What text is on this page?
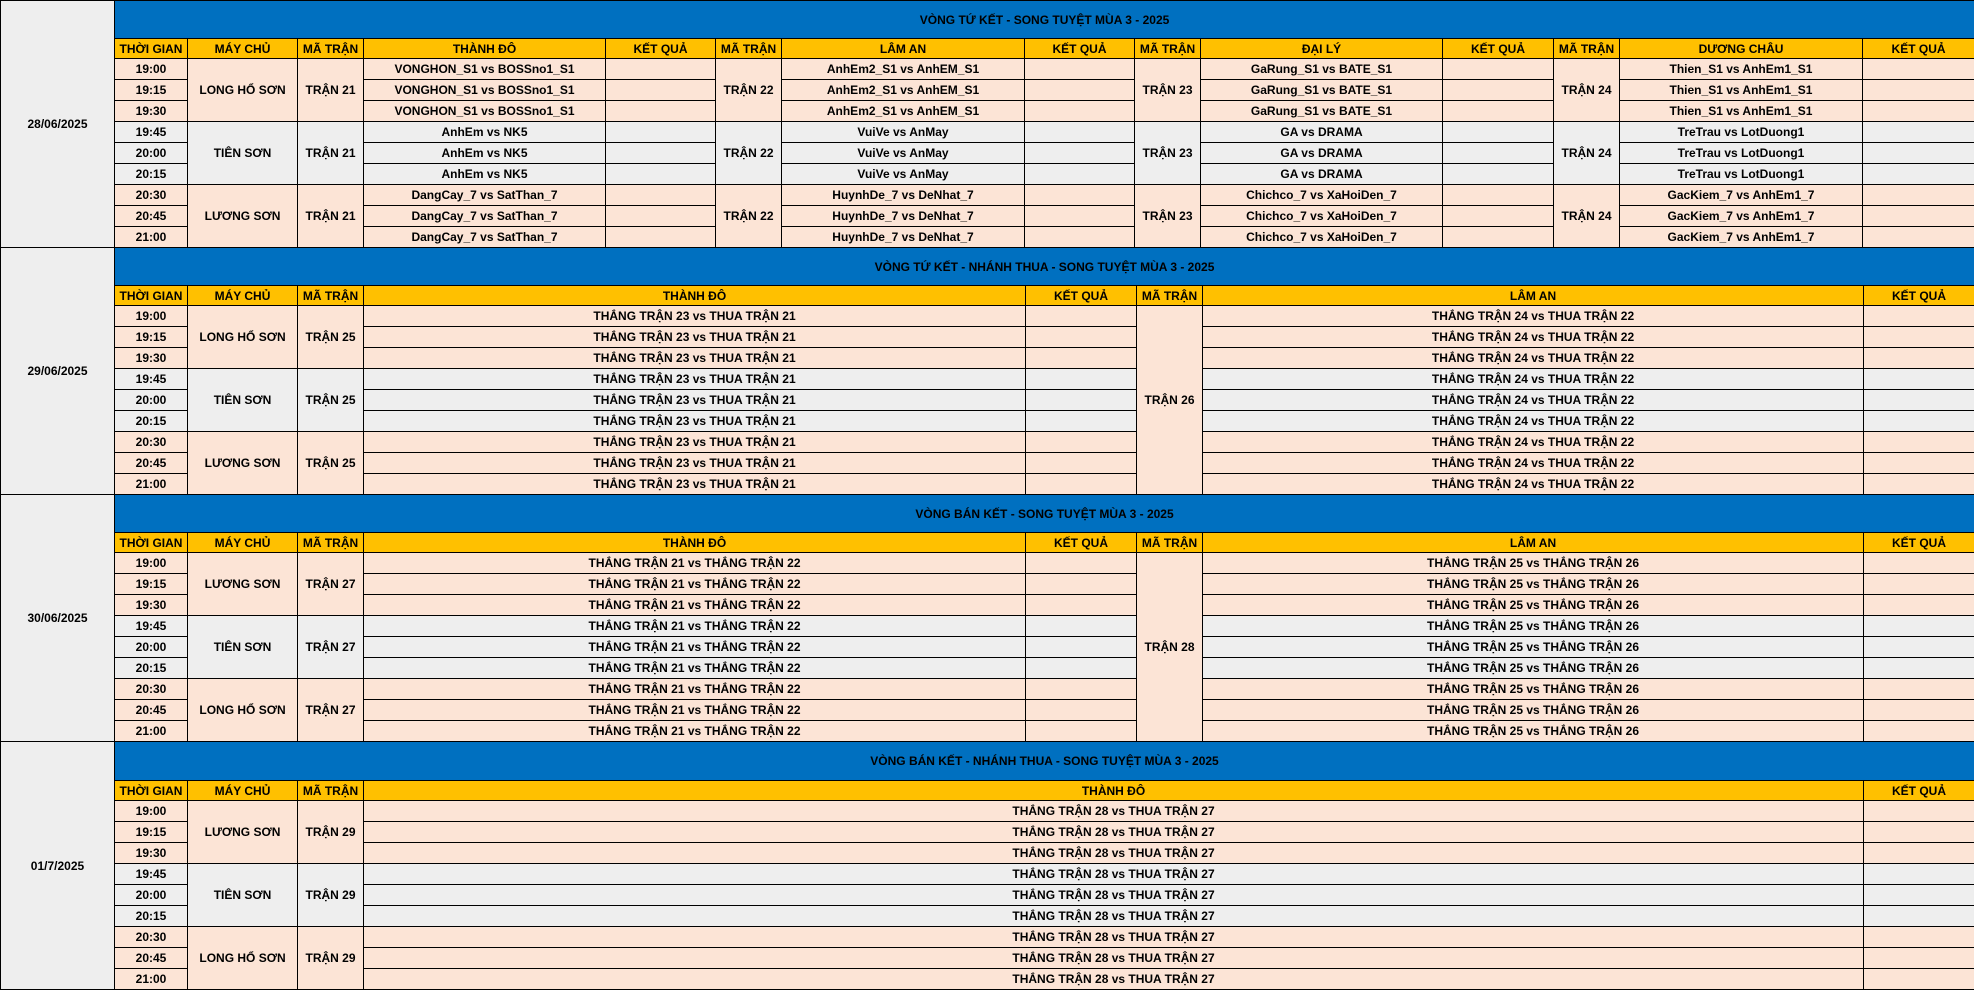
28/06/2025	VÒNG TỨ KẾT - SONG TUYỆT MÙA 3 - 2025													
	THỜI GIAN	MÁY CHỦ	MÃ TRẬN	THÀNH ĐÔ	KẾT QUẢ	MÃ TRẬN	LÂM AN	KẾT QUẢ	MÃ TRẬN	ĐẠI LÝ	KẾT QUẢ	MÃ TRẬN	DƯƠNG CHÂU	KẾT QUẢ
	19:00	LONG HỔ SƠN	TRẬN 21	VONGHON_S1 vs BOSSno1_S1		TRẬN 22	AnhEm2_S1 vs AnhEM_S1		TRẬN 23	GaRung_S1 vs BATE_S1		TRẬN 24	Thien_S1 vs AnhEm1_S1	
	19:15			VONGHON_S1 vs BOSSno1_S1			AnhEm2_S1 vs AnhEM_S1			GaRung_S1 vs BATE_S1			Thien_S1 vs AnhEm1_S1	
	19:30			VONGHON_S1 vs BOSSno1_S1			AnhEm2_S1 vs AnhEM_S1			GaRung_S1 vs BATE_S1			Thien_S1 vs AnhEm1_S1	
	19:45	TIÊN SƠN	TRẬN 21	AnhEm vs NK5		TRẬN 22	VuiVe vs AnMay		TRẬN 23	GA vs DRAMA		TRẬN 24	TreTrau vs LotDuong1	
	20:00			AnhEm vs NK5			VuiVe vs AnMay			GA vs DRAMA			TreTrau vs LotDuong1	
	20:15			AnhEm vs NK5			VuiVe vs AnMay			GA vs DRAMA			TreTrau vs LotDuong1	
	20:30	LƯƠNG SƠN	TRẬN 21	DangCay_7 vs SatThan_7		TRẬN 22	HuynhDe_7 vs DeNhat_7		TRẬN 23	Chichco_7 vs XaHoiDen_7		TRẬN 24	GacKiem_7 vs AnhEm1_7	
	20:45			DangCay_7 vs SatThan_7			HuynhDe_7 vs DeNhat_7			Chichco_7 vs XaHoiDen_7			GacKiem_7 vs AnhEm1_7	
	21:00			DangCay_7 vs SatThan_7			HuynhDe_7 vs DeNhat_7			Chichco_7 vs XaHoiDen_7			GacKiem_7 vs AnhEm1_7	
29/06/2025	VÒNG TỨ KẾT - NHÁNH THUA - SONG TUYỆT MÙA 3 - 2025							
	THỜI GIAN	MÁY CHỦ	MÃ TRẬN	THÀNH ĐÔ	KẾT QUẢ	MÃ TRẬN	LÂM AN	KẾT QUẢ
	19:00	LONG HỔ SƠN	TRẬN 25	THẮNG TRẬN 23 vs THUA TRẬN 21		TRẬN 26	THẮNG TRẬN 24 vs THUA TRẬN 22	
	19:15			THẮNG TRẬN 23 vs THUA TRẬN 21			THẮNG TRẬN 24 vs THUA TRẬN 22	
	19:30			THẮNG TRẬN 23 vs THUA TRẬN 21			THẮNG TRẬN 24 vs THUA TRẬN 22	
	19:45	TIÊN SƠN	TRẬN 25	THẮNG TRẬN 23 vs THUA TRẬN 21			THẮNG TRẬN 24 vs THUA TRẬN 22	
	20:00			THẮNG TRẬN 23 vs THUA TRẬN 21			THẮNG TRẬN 24 vs THUA TRẬN 22	
	20:15			THẮNG TRẬN 23 vs THUA TRẬN 21			THẮNG TRẬN 24 vs THUA TRẬN 22	
	20:30	LƯƠNG SƠN	TRẬN 25	THẮNG TRẬN 23 vs THUA TRẬN 21			THẮNG TRẬN 24 vs THUA TRẬN 22	
	20:45			THẮNG TRẬN 23 vs THUA TRẬN 21			THẮNG TRẬN 24 vs THUA TRẬN 22	
	21:00			THẮNG TRẬN 23 vs THUA TRẬN 21			THẮNG TRẬN 24 vs THUA TRẬN 22	
30/06/2025	VÒNG BÁN KẾT - SONG TUYỆT MÙA 3 - 2025							
	THỜI GIAN	MÁY CHỦ	MÃ TRẬN	THÀNH ĐÔ	KẾT QUẢ	MÃ TRẬN	LÂM AN	KẾT QUẢ
	19:00	LƯƠNG SƠN	TRẬN 27	THẮNG TRẬN 21 vs THẮNG TRẬN 22		TRẬN 28	THẮNG TRẬN 25 vs THẮNG TRẬN 26	
	19:15			THẮNG TRẬN 21 vs THẮNG TRẬN 22			THẮNG TRẬN 25 vs THẮNG TRẬN 26	
	19:30			THẮNG TRẬN 21 vs THẮNG TRẬN 22			THẮNG TRẬN 25 vs THẮNG TRẬN 26	
	19:45	TIÊN SƠN	TRẬN 27	THẮNG TRẬN 21 vs THẮNG TRẬN 22			THẮNG TRẬN 25 vs THẮNG TRẬN 26	
	20:00			THẮNG TRẬN 21 vs THẮNG TRẬN 22			THẮNG TRẬN 25 vs THẮNG TRẬN 26	
	20:15			THẮNG TRẬN 21 vs THẮNG TRẬN 22			THẮNG TRẬN 25 vs THẮNG TRẬN 26	
	20:30	LONG HỔ SƠN	TRẬN 27	THẮNG TRẬN 21 vs THẮNG TRẬN 22			THẮNG TRẬN 25 vs THẮNG TRẬN 26	
	20:45			THẮNG TRẬN 21 vs THẮNG TRẬN 22			THẮNG TRẬN 25 vs THẮNG TRẬN 26	
	21:00			THẮNG TRẬN 21 vs THẮNG TRẬN 22			THẮNG TRẬN 25 vs THẮNG TRẬN 26	
01/7/2025	VÒNG BÁN KẾT - NHÁNH THUA - SONG TUYỆT MÙA 3 - 2025				
	THỜI GIAN	MÁY CHỦ	MÃ TRẬN	THÀNH ĐÔ	KẾT QUẢ
	19:00	LƯƠNG SƠN	TRẬN 29	THẮNG TRẬN 28 vs THUA TRẬN 27	
	19:15			THẮNG TRẬN 28 vs THUA TRẬN 27	
	19:30			THẮNG TRẬN 28 vs THUA TRẬN 27	
	19:45	TIÊN SƠN	TRẬN 29	THẮNG TRẬN 28 vs THUA TRẬN 27	
	20:00			THẮNG TRẬN 28 vs THUA TRẬN 27	
	20:15			THẮNG TRẬN 28 vs THUA TRẬN 27	
	20:30	LONG HỔ SƠN	TRẬN 29	THẮNG TRẬN 28 vs THUA TRẬN 27	
	20:45			THẮNG TRẬN 28 vs THUA TRẬN 27	
	21:00			THẮNG TRẬN 28 vs THUA TRẬN 27	
